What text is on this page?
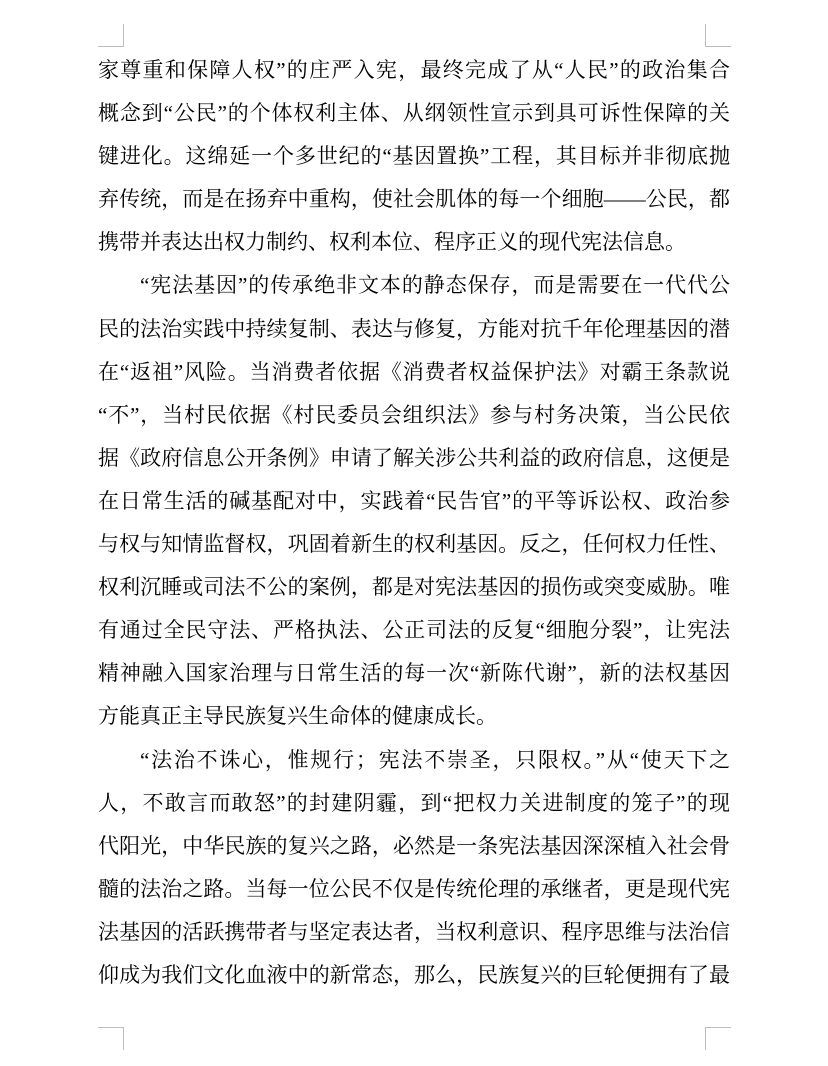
家尊重和保障人权”的庄严入宪，最终完成了从“人民”的政治集合
概念到“公民”的个体权利主体、从纲领性宣示到具可诉性保障的关
键进化。这绵延一个多世纪的“基因置换”工程，其目标并非彻底抛
弃传统，而是在扬弃中重构，使社会肌体的每一个细胞——公民，都
携带并表达出权力制约、权利本位、程序正义的现代宪法信息。
“宪法基因”的传承绝非文本的静态保存，而是需要在一代代公
民的法治实践中持续复制、表达与修复，方能对抗千年伦理基因的潜
在“返祖”风险。当消费者依据《消费者权益保护法》对霸王条款说
“不”，当村民依据《村民委员会组织法》参与村务决策，当公民依
据《政府信息公开条例》申请了解关涉公共利益的政府信息，这便是
在日常生活的碱基配对中，实践着“民告官”的平等诉讼权、政治参
与权与知情监督权，巩固着新生的权利基因。反之，任何权力任性、
权利沉睡或司法不公的案例，都是对宪法基因的损伤或突变威胁。唯
有通过全民守法、严格执法、公正司法的反复“细胞分裂”，让宪法
精神融入国家治理与日常生活的每一次“新陈代谢”，新的法权基因
方能真正主导民族复兴生命体的健康成长。
“法治不诛心，惟规行；宪法不崇圣，只限权。”从“使天下之
人，不敢言而敢怒”的封建阴霾，到“把权力关进制度的笼子”的现
代阳光，中华民族的复兴之路，必然是一条宪法基因深深植入社会骨
髓的法治之路。当每一位公民不仅是传统伦理的承继者，更是现代宪
法基因的活跃携带者与坚定表达者，当权利意识、程序思维与法治信
仰成为我们文化血液中的新常态，那么，民族复兴的巨轮便拥有了最
